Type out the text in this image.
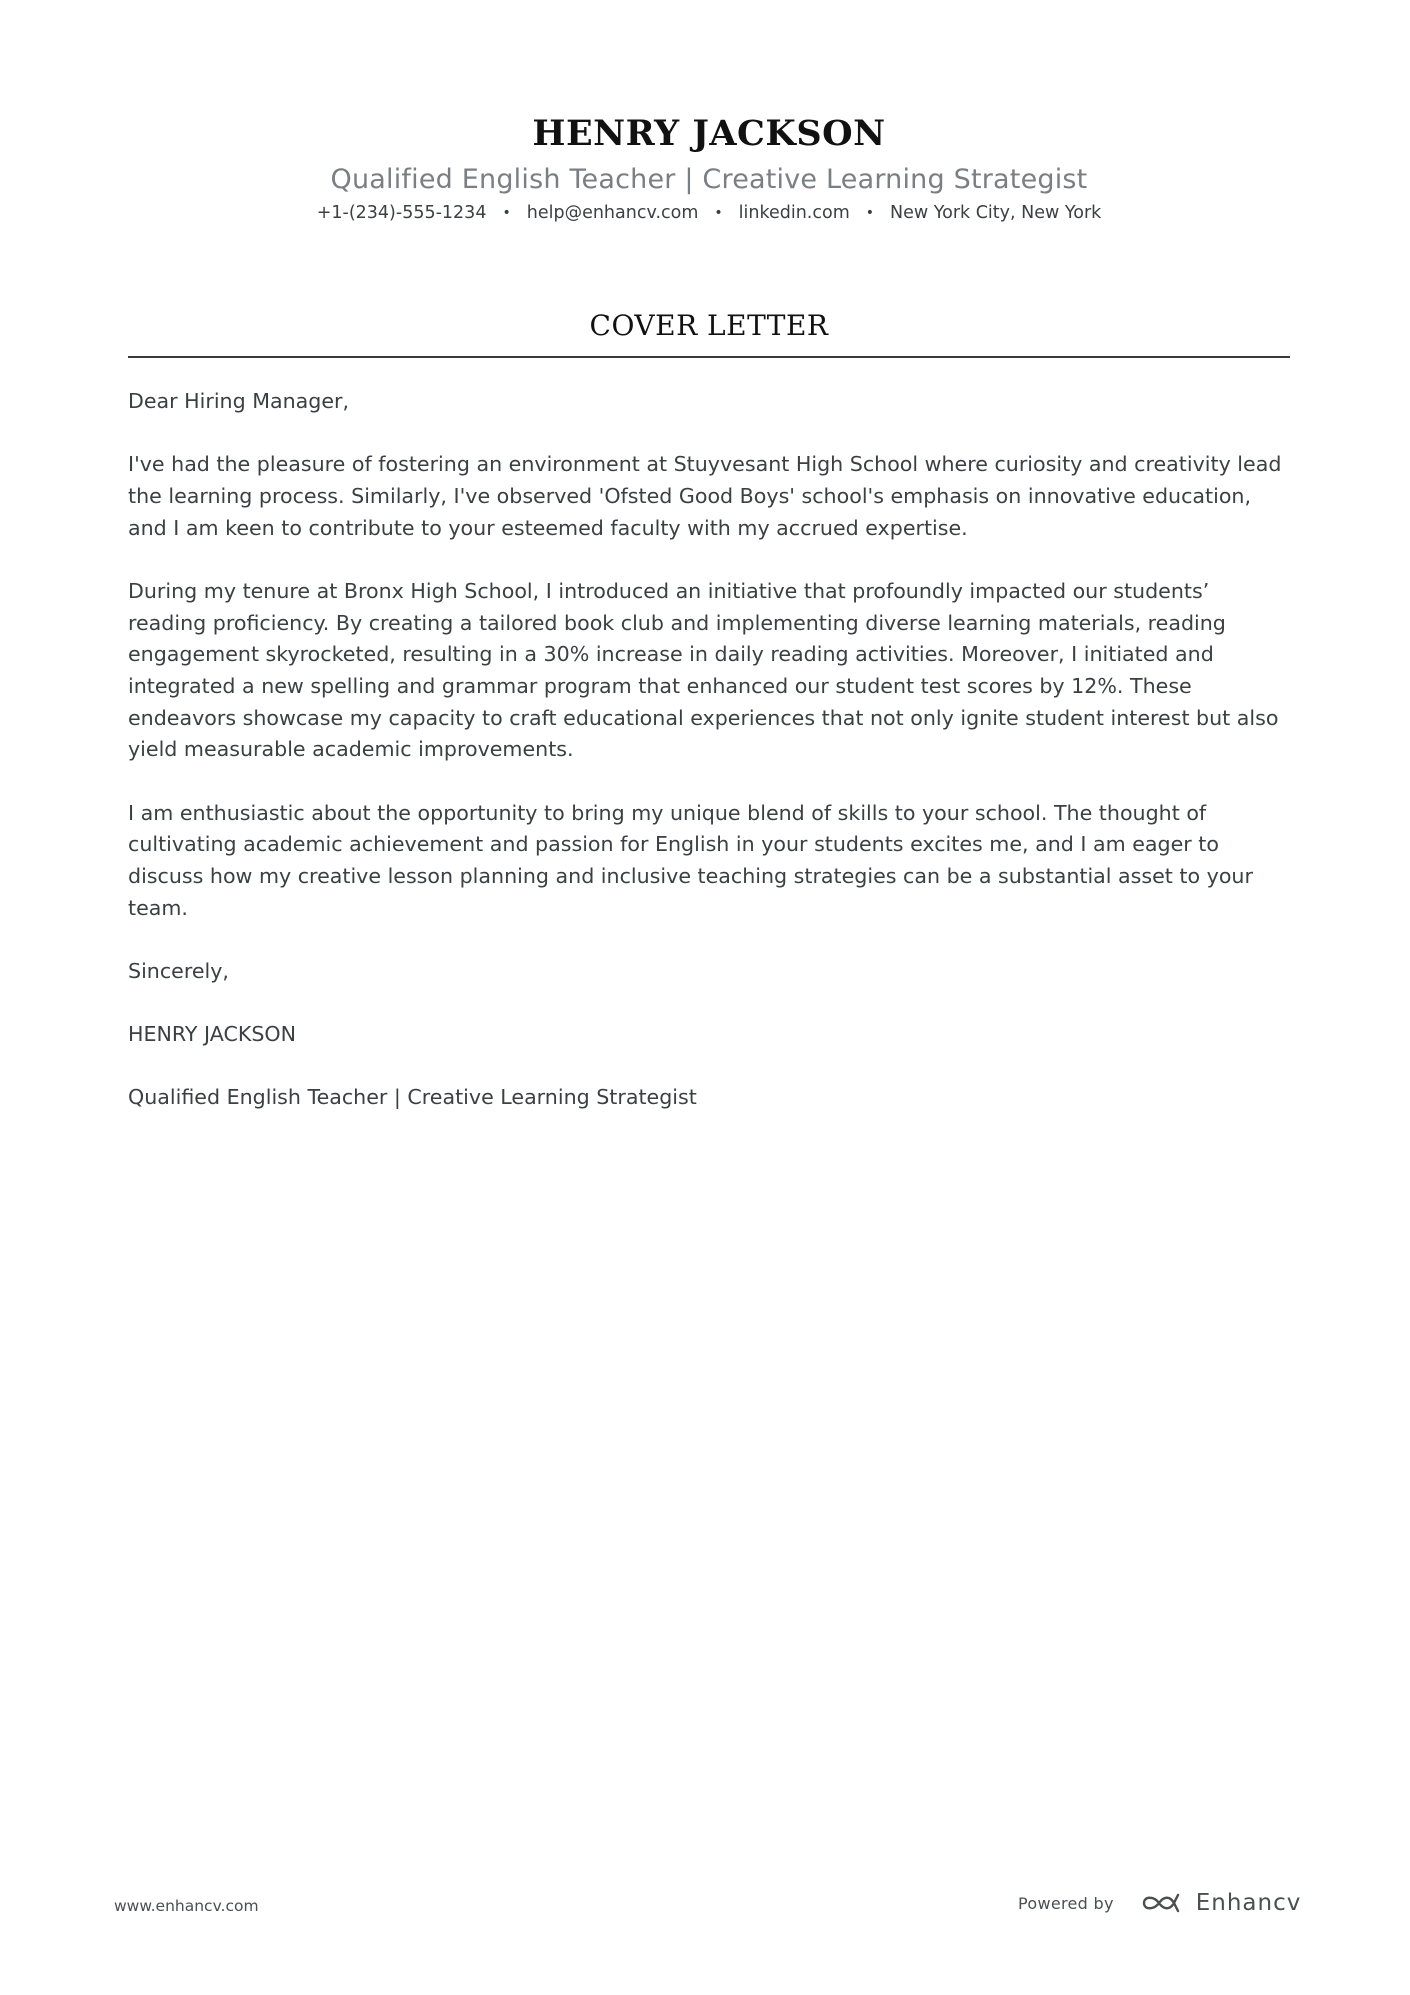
HENRY JACKSON
Qualified English Teacher | Creative Learning Strategist
+1-(234)-555-1234 • help@enhancv.com • linkedin.com • New York City, New York
COVER LETTER

Dear Hiring Manager,

I've had the pleasure of fostering an environment at Stuyvesant High School where curiosity and creativity lead the learning process. Similarly, I've observed 'Ofsted Good Boys' school's emphasis on innovative education, and I am keen to contribute to your esteemed faculty with my accrued expertise.

During my tenure at Bronx High School, I introduced an initiative that profoundly impacted our students’ reading proficiency. By creating a tailored book club and implementing diverse learning materials, reading engagement skyrocketed, resulting in a 30% increase in daily reading activities. Moreover, I initiated and integrated a new spelling and grammar program that enhanced our student test scores by 12%. These endeavors showcase my capacity to craft educational experiences that not only ignite student interest but also yield measurable academic improvements.

I am enthusiastic about the opportunity to bring my unique blend of skills to your school. The thought of cultivating academic achievement and passion for English in your students excites me, and I am eager to discuss how my creative lesson planning and inclusive teaching strategies can be a substantial asset to your team.

Sincerely,

HENRY JACKSON

Qualified English Teacher | Creative Learning Strategist

www.enhancv.com	Powered by	Enhancv
